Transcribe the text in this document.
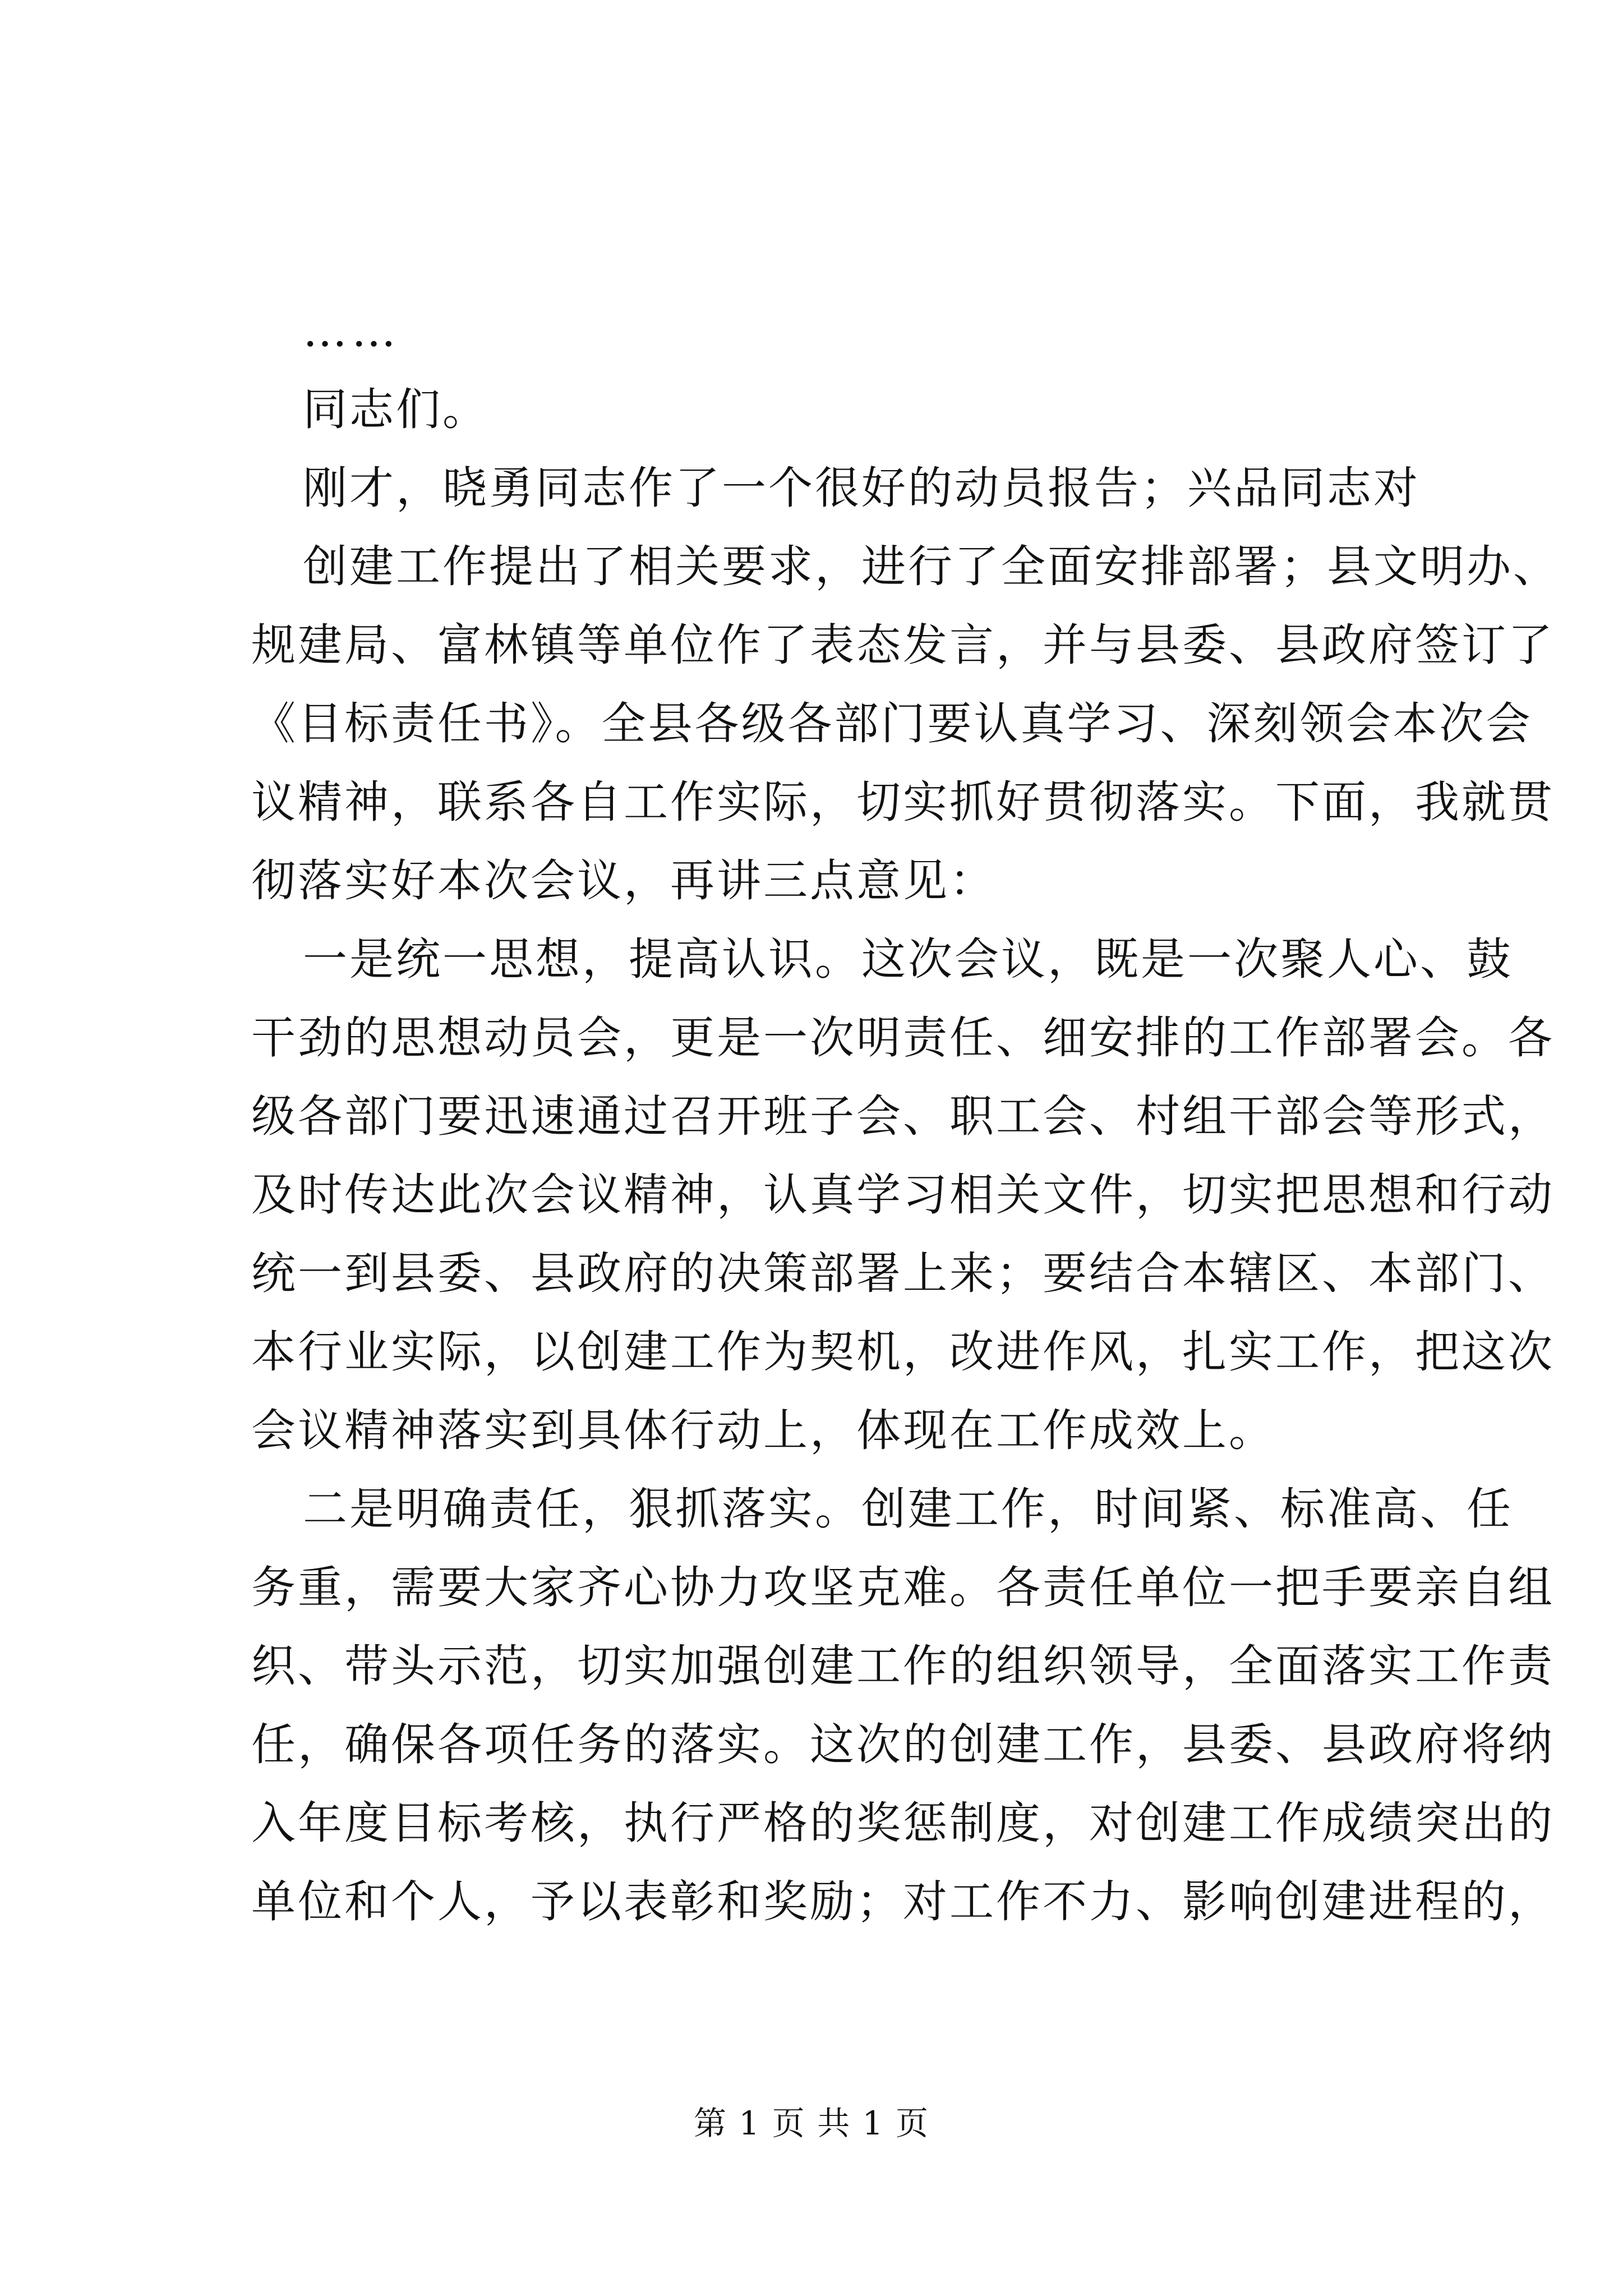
……
同志们。
刚才，晓勇同志作了一个很好的动员报告；兴品同志对
创建工作提出了相关要求，进行了全面安排部署；县文明办、
规建局、富林镇等单位作了表态发言，并与县委、县政府签订了
《目标责任书》。全县各级各部门要认真学习、深刻领会本次会
议精神，联系各自工作实际，切实抓好贯彻落实。下面，我就贯
彻落实好本次会议，再讲三点意见：
一是统一思想，提高认识。这次会议，既是一次聚人心、鼓
干劲的思想动员会，更是一次明责任、细安排的工作部署会。各
级各部门要迅速通过召开班子会、职工会、村组干部会等形式，
及时传达此次会议精神，认真学习相关文件，切实把思想和行动
统一到县委、县政府的决策部署上来；要结合本辖区、本部门、
本行业实际，以创建工作为契机，改进作风，扎实工作，把这次
会议精神落实到具体行动上，体现在工作成效上。
二是明确责任，狠抓落实。创建工作，时间紧、标准高、任
务重，需要大家齐心协力攻坚克难。各责任单位一把手要亲自组
织、带头示范，切实加强创建工作的组织领导，全面落实工作责
任，确保各项任务的落实。这次的创建工作，县委、县政府将纳
入年度目标考核，执行严格的奖惩制度，对创建工作成绩突出的
单位和个人，予以表彰和奖励；对工作不力、影响创建进程的，
第 1 页 共 1 页
